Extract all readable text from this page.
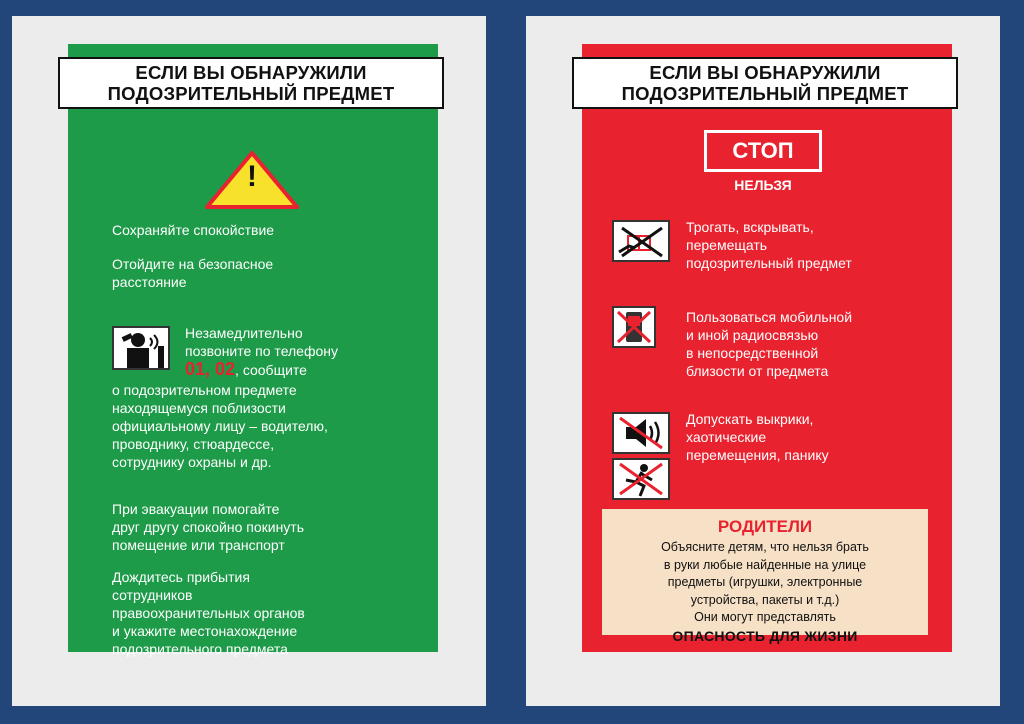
ЕСЛИ ВЫ ОБНАРУЖИЛИ
ПОДОЗРИТЕЛЬНЫЙ ПРЕДМЕТ
!
Сохраняйте спокойствие
Отойдите на безопасное
расстояние
Незамедлительно
позвоните по телефону
01, 02, сообщите
о подозрительном предмете
находящемуся поблизости
официальному лицу – водителю,
проводнику, стюардессе,
сотруднику охраны и др.
При эвакуации помогайте
друг другу спокойно покинуть
помещение или транспорт
Дождитесь прибытия
сотрудников
правоохранительных органов
и укажите местонахождение
подозрительного предмета
ЕСЛИ ВЫ ОБНАРУЖИЛИ
ПОДОЗРИТЕЛЬНЫЙ ПРЕДМЕТ
СТОП
НЕЛЬЗЯ
Трогать, вскрывать,
перемещать
подозрительный предмет
Пользоваться мобильной
и иной радиосвязью
в непосредственной
близости от предмета
Допускать выкрики,
хаотические
перемещения, панику
РОДИТЕЛИ
Объясните детям, что нельзя брать
в руки любые найденные на улице
предметы (игрушки, электронные
устройства, пакеты и т.д.)
Они могут представлять
ОПАСНОСТЬ ДЛЯ ЖИЗНИ
